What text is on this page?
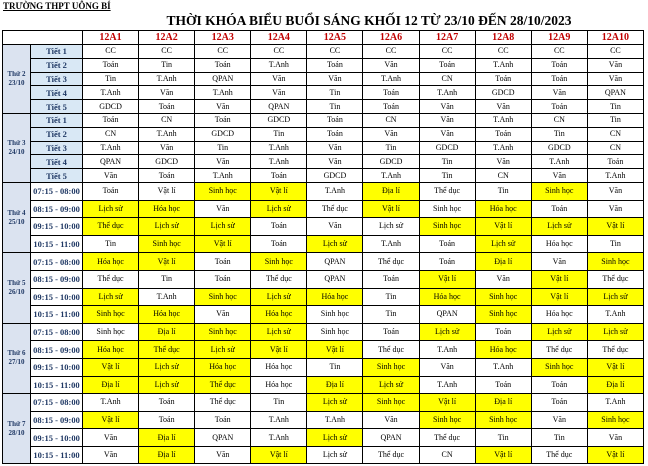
TRƯỜNG THPT UÔNG BÍ
THỜI KHÓA BIỂU BUỔI SÁNG KHỐI 12 TỪ 23/10 ĐẾN 28/10/2023
		12A1	12A2	12A3	12A4	12A5	12A6	12A7	12A8	12A9	12A10

Thứ 2
23/10	Tiết 1	CC	CC	CC	CC	CC	CC	CC	CC	CC	CC
	Tiết 2	Toán	Tin	Toán	T.Anh	Toán	Văn	Toán	T.Anh	Toán	Văn
	Tiết 3	Tin	T.Anh	QPAN	Văn	Văn	T.Anh	CN	Toán	Toán	Văn
	Tiết 4	T.Anh	Văn	T.Anh	Văn	Tin	Toán	T.Anh	GDCD	Văn	QPAN
	Tiết 5	GDCD	Toán	Văn	QPAN	Tin	Toán	Văn	Văn	Toán	Tin

Thứ 3
24/10	Tiết 1	Toán	CN	Toán	GDCD	Toán	CN	Văn	T.Anh	CN	Tin
	Tiết 2	CN	T.Anh	GDCD	Tin	Toán	Văn	Văn	Toán	Tin	CN
	Tiết 3	T.Anh	Văn	Tin	T.Anh	Văn	Tin	GDCD	T.Anh	GDCD	CN
	Tiết 4	QPAN	GDCD	Văn	T.Anh	Văn	GDCD	Tin	Văn	T.Anh	Toán
	Tiết 5	Văn	Toán	T.Anh	Toán	GDCD	T.Anh	Tin	CN	Văn	T.Anh

Thứ 4
25/10	07:15 - 08:00	Toán	Vật lí	Sinh học	Vật lí	T.Anh	Địa lí	Thể dục	Tin	Sinh học	Văn
	08:15 - 09:00	Lịch sử	Hóa học	Văn	Lịch sử	Thể dục	Vật lí	Sinh học	Hóa học	Toán	Văn
	09:15 - 10:00	Thể dục	Lịch sử	Lịch sử	Toán	Văn	Lịch sử	Sinh học	Vật lí	Lịch sử	Vật lí
	10:15 - 11:00	Tin	Sinh học	Vật lí	Toán	Lịch sử	T.Anh	Toán	Lịch sử	Hóa học	Tin

Thứ 5
26/10	07:15 - 08:00	Hóa học	Vật lí	Toán	Sinh học	QPAN	Thể dục	Toán	Địa lí	Văn	Sinh học
	08:15 - 09:00	Thể dục	Tin	Toán	Thể dục	QPAN	Toán	Vật lí	Văn	Vật lí	Thể dục
	09:15 - 10:00	Lịch sử	T.Anh	Sinh học	Lịch sử	Hóa học	Tin	Hóa học	Sinh học	Vật lí	Lịch sử
	10:15 - 11:00	Sinh học	Hóa học	Văn	Hóa học	Sinh học	Tin	QPAN	Sinh học	Hóa học	T.Anh

Thứ 6
27/10	07:15 - 08:00	Sinh học	Địa lí	Sinh học	Lịch sử	Sinh học	Toán	Lịch sử	Toán	Lịch sử	Lịch sử
	08:15 - 09:00	Hóa học	Thể dục	Lịch sử	Vật lí	Vật lí	Thể dục	T.Anh	Hóa học	Thể dục	Thể dục
	09:15 - 10:00	Vật lí	Lịch sử	Hóa học	Hóa học	Tin	Sinh học	Văn	T.Anh	Sinh học	Vật lí
	10:15 - 11:00	Địa lí	Lịch sử	Thể dục	Hóa học	Địa lí	Lịch sử	T.Anh	Toán	Toán	Địa lí

Thứ 7
28/10	07:15 - 08:00	T.Anh	Toán	Thể dục	Tin	Lịch sử	Sinh học	Vật lí	Địa lí	Toán	T.Anh
	08:15 - 09:00	Vật lí	Toán	Toán	T.Anh	T.Anh	Văn	Sinh học	Sinh học	Văn	Sinh học
	09:15 - 10:00	Văn	Địa lí	QPAN	T.Anh	Lịch sử	QPAN	Thể dục	Tin	Tin	Văn
	10:15 - 11:00	Văn	Địa lí	Văn	Vật lí	Lịch sử	Thể dục	CN	Vật lí	Thể dục	Vật lí
